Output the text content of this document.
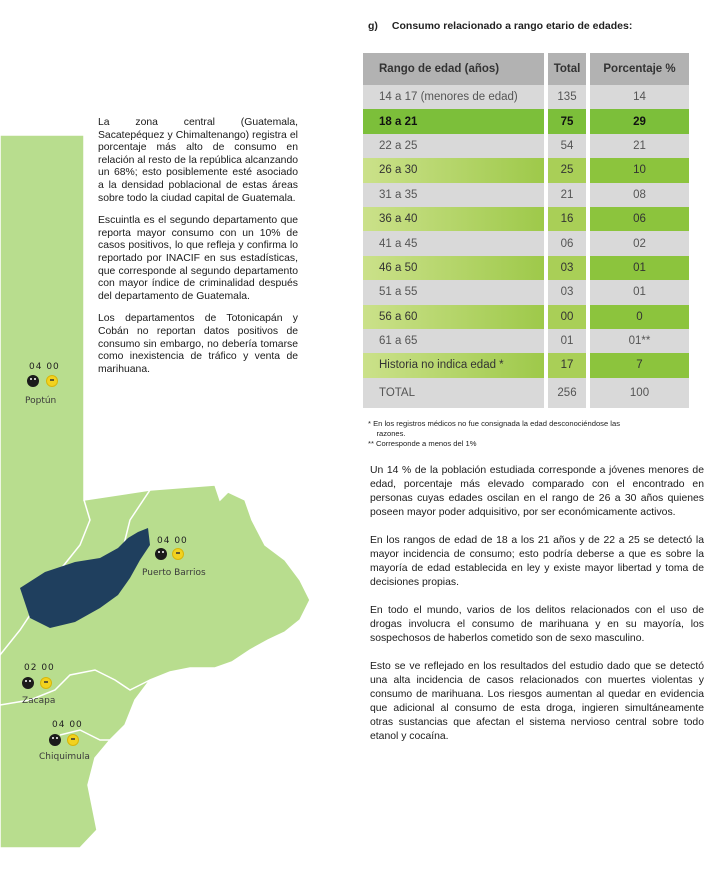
04 00
Poptún
04 00
Puerto Barrios
02 00
Zacapa
04 00
Chiquimula

La zona central (Guatemala, Sacatepéquez y Chimaltenango) registra el porcentaje más alto de consumo en relación al resto de la república alcanzando un 68%; esto posiblemente esté asociado a la densidad poblacional de estas áreas sobre todo la ciudad capital de Guatemala.

Escuintla es el segundo departamento que reporta mayor consumo con un 10% de casos positivos, lo que refleja y confirma lo reportado por INACIF en sus estadísticas, que corresponde al segundo departamento con mayor índice de criminalidad después del departamento de Guatemala.

Los departamentos de Totonicapán y Cobán no reportan datos positivos de consumo sin embargo, no debería tomarse como inexistencia de tráfico y venta de marihuana.

g) Consumo relacionado a rango etario de edades:
Rango de edad (años)	Total	Porcentaje %
14 a 17 (menores de edad)	135	14
18 a 21	75	29
22 a 25	54	21
26 a 30	25	10
31 a 35	21	08
36 a 40	16	06
41 a 45	06	02
46 a 50	03	01
51 a 55	03	01
56 a 60	00	0
61 a 65	01	01**
Historia no indica edad *	17	7
TOTAL	256	100

* En los registros médicos no fue consignada la edad desconociéndose las

razones.

** Corresponde a menos del 1%

Un 14 % de la población estudiada corresponde a jóvenes menores de edad, porcentaje más elevado comparado con el encontrado en personas cuyas edades oscilan en el rango de 26 a 30 años quienes poseen mayor poder adquisitivo, por ser económicamente activos.

En los rangos de edad de 18 a los 21 años y de 22 a 25 se detectó la mayor incidencia de consumo; esto podría deberse a que es sobre la mayoría de edad establecida en ley y existe mayor libertad y toma de decisiones propias.

En todo el mundo, varios de los delitos relacionados con el uso de drogas involucra el consumo de marihuana y en su mayoría, los sospechosos de haberlos cometido son de sexo masculino.

Esto se ve reflejado en los resultados del estudio dado que se detectó una alta incidencia de casos relacionados con muertes violentas y consumo de marihuana. Los riesgos aumentan al quedar en evidencia que adicional al consumo de esta droga, ingieren simultáneamente otras sustancias que afectan el sistema nervioso central sobre todo etanol y cocaína.
